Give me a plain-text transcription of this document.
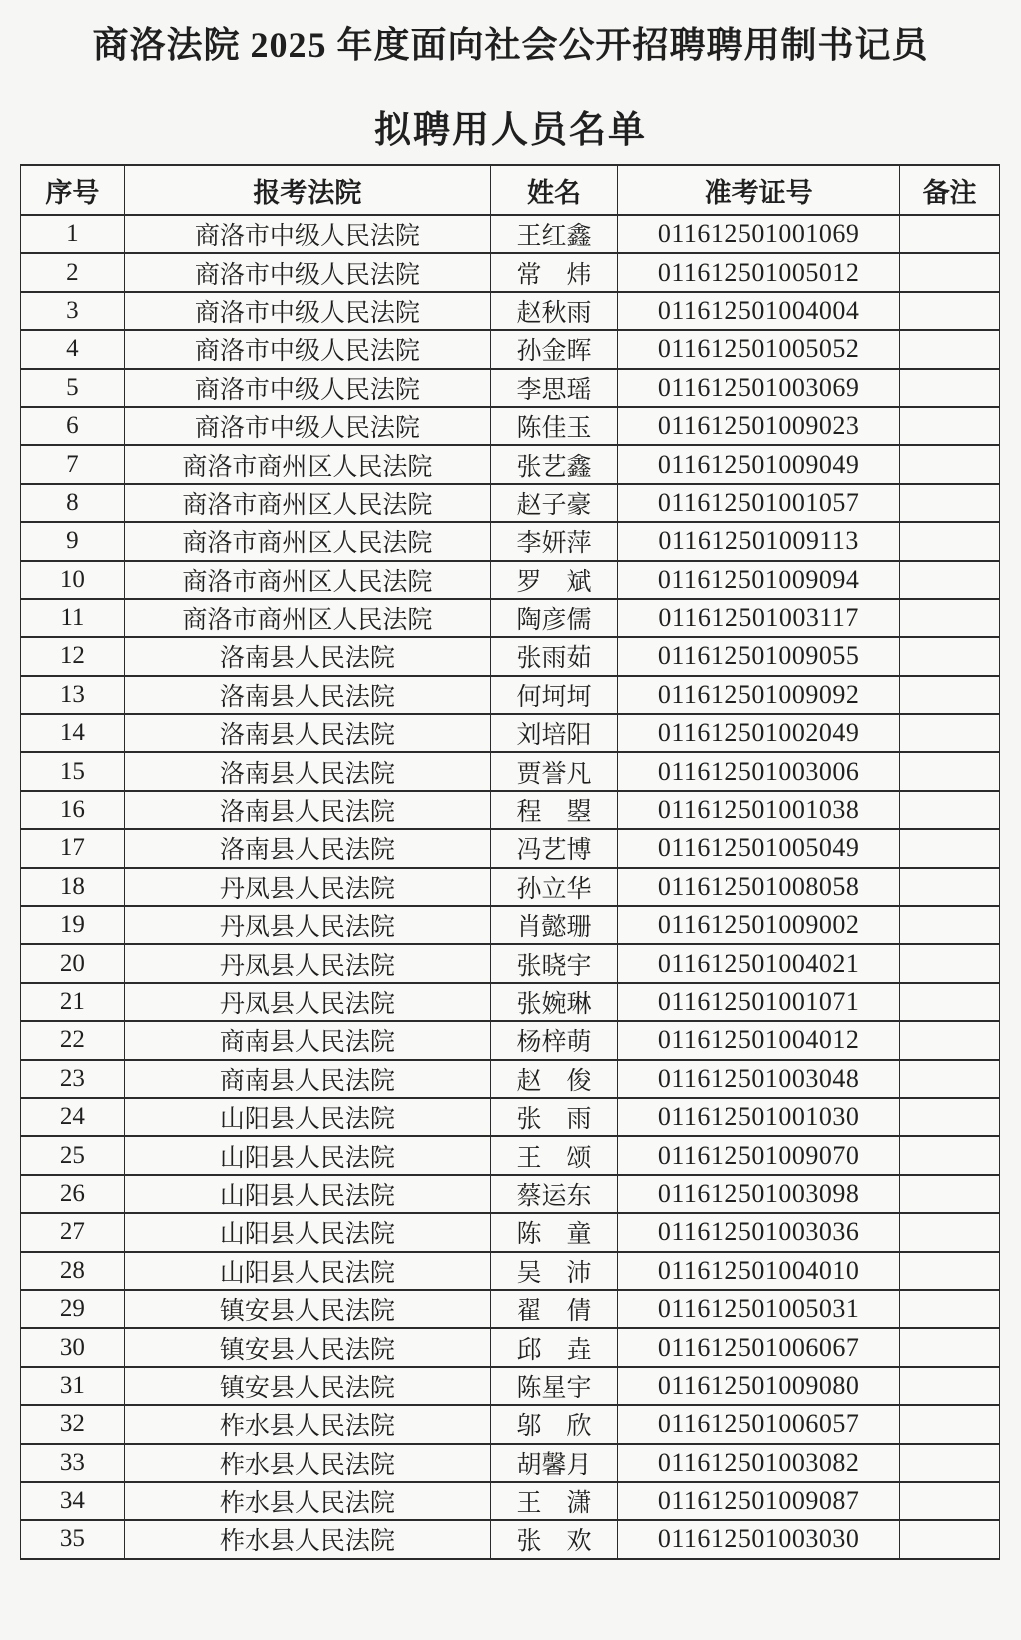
商洛法院 2025 年度面向社会公开招聘聘用制书记员
拟聘用人员名单
序号	报考法院	姓名	准考证号	备注
1	商洛市中级人民法院	王红鑫	011612501001069	
2	商洛市中级人民法院	常　炜	011612501005012	
3	商洛市中级人民法院	赵秋雨	011612501004004	
4	商洛市中级人民法院	孙金晖	011612501005052	
5	商洛市中级人民法院	李思瑶	011612501003069	
6	商洛市中级人民法院	陈佳玉	011612501009023	
7	商洛市商州区人民法院	张艺鑫	011612501009049	
8	商洛市商州区人民法院	赵子豪	011612501001057	
9	商洛市商州区人民法院	李妍萍	011612501009113	
10	商洛市商州区人民法院	罗　斌	011612501009094	
11	商洛市商州区人民法院	陶彦儒	011612501003117	
12	洛南县人民法院	张雨茹	011612501009055	
13	洛南县人民法院	何坷坷	011612501009092	
14	洛南县人民法院	刘培阳	011612501002049	
15	洛南县人民法院	贾誉凡	011612501003006	
16	洛南县人民法院	程　曌	011612501001038	
17	洛南县人民法院	冯艺博	011612501005049	
18	丹凤县人民法院	孙立华	011612501008058	
19	丹凤县人民法院	肖懿珊	011612501009002	
20	丹凤县人民法院	张晓宇	011612501004021	
21	丹凤县人民法院	张婉琳	011612501001071	
22	商南县人民法院	杨梓萌	011612501004012	
23	商南县人民法院	赵　俊	011612501003048	
24	山阳县人民法院	张　雨	011612501001030	
25	山阳县人民法院	王　颂	011612501009070	
26	山阳县人民法院	蔡运东	011612501003098	
27	山阳县人民法院	陈　童	011612501003036	
28	山阳县人民法院	吴　沛	011612501004010	
29	镇安县人民法院	翟　倩	011612501005031	
30	镇安县人民法院	邱　垚	011612501006067	
31	镇安县人民法院	陈星宇	011612501009080	
32	柞水县人民法院	邬　欣	011612501006057	
33	柞水县人民法院	胡馨月	011612501003082	
34	柞水县人民法院	王　潇	011612501009087	
35	柞水县人民法院	张　欢	011612501003030	
